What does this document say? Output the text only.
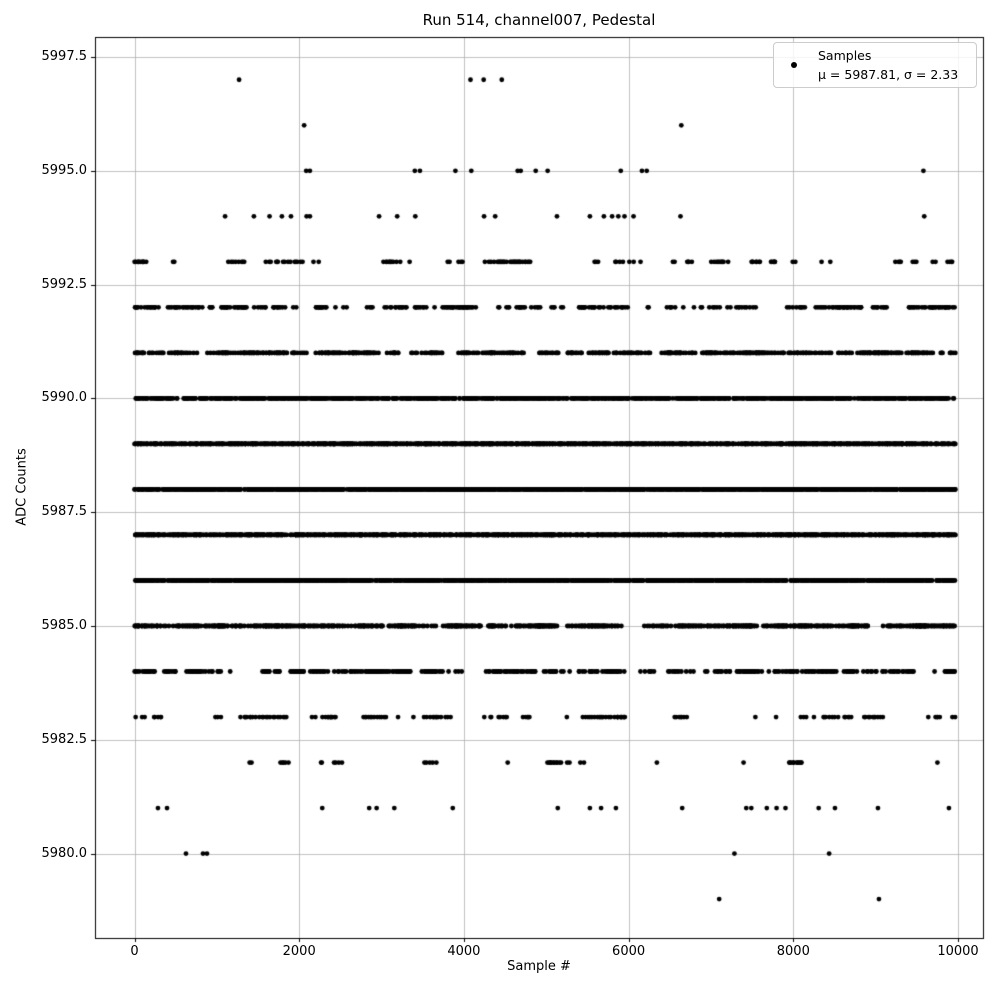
Run 514, channel007, Pedestal
ADC Counts
Sample #
0	2000	4000	6000	8000	10000
5997.5
5995.0
5992.5
5990.0
5987.5
5985.0
5982.5
5980.0
Samples
μ = 5987.81, σ = 2.33
